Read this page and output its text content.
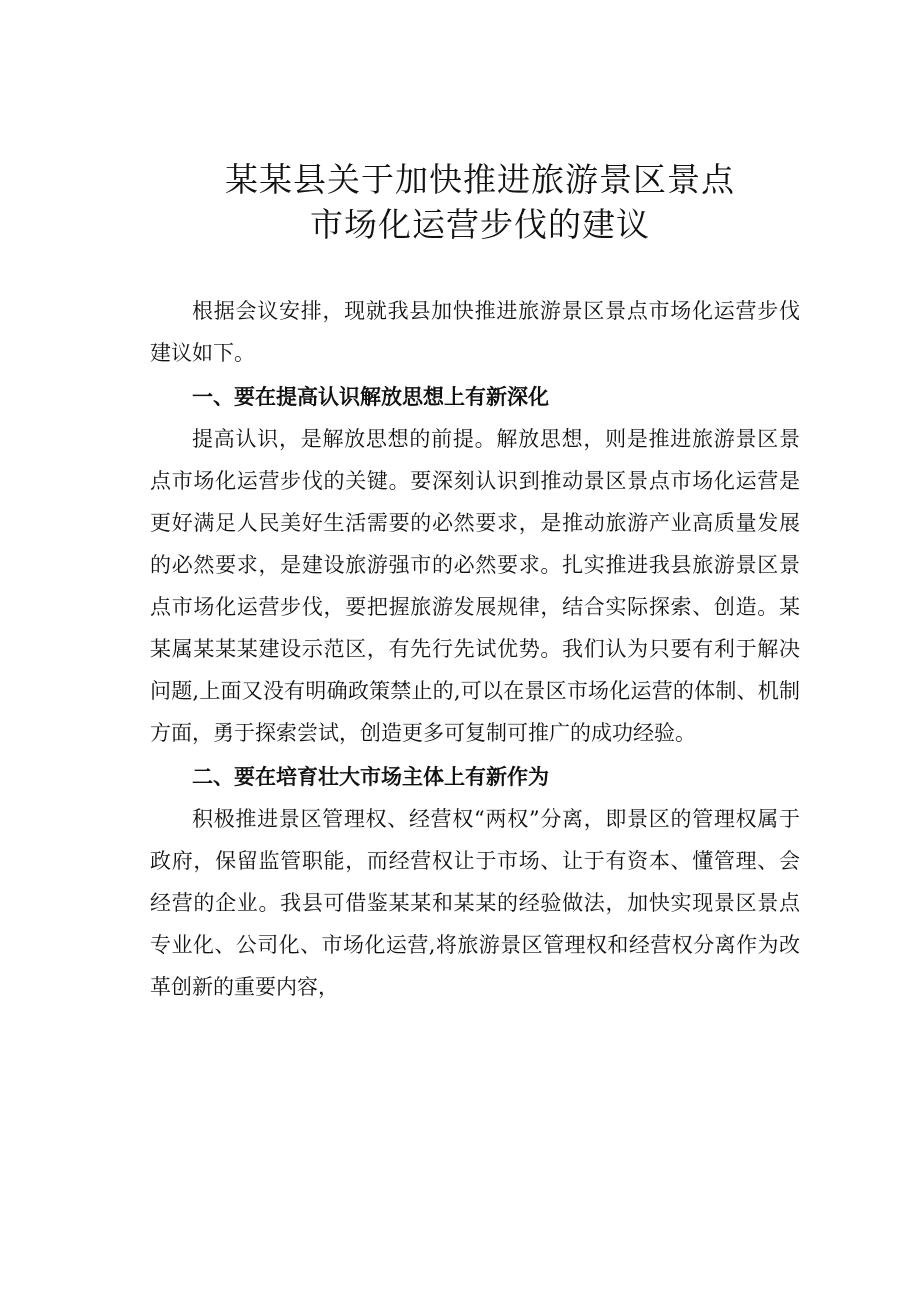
某某县关于加快推进旅游景区景点
市场化运营步伐的建议

根据会议安排，现就我县加快推进旅游景区景点市场化运营步伐建议如下。

一、要在提高认识解放思想上有新深化

提高认识，是解放思想的前提。解放思想，则是推进旅游景区景点市场化运营步伐的关键。要深刻认识到推动景区景点市场化运营是更好满足人民美好生活需要的必然要求，是推动旅游产业高质量发展的必然要求，是建设旅游强市的必然要求。扎实推进我县旅游景区景点市场化运营步伐，要把握旅游发展规律，结合实际探索、创造。某某属某某某建设示范区，有先行先试优势。我们认为只要有利于解决问题,上面又没有明确政策禁止的,可以在景区市场化运营的体制、机制方面，勇于探索尝试，创造更多可复制可推广的成功经验。

二、要在培育壮大市场主体上有新作为

积极推进景区管理权、经营权“两权”分离，即景区的管理权属于政府，保留监管职能，而经营权让于市场、让于有资本、懂管理、会经营的企业。我县可借鉴某某和某某的经验做法，加快实现景区景点专业化、公司化、市场化运营,将旅游景区管理权和经营权分离作为改革创新的重要内容，
